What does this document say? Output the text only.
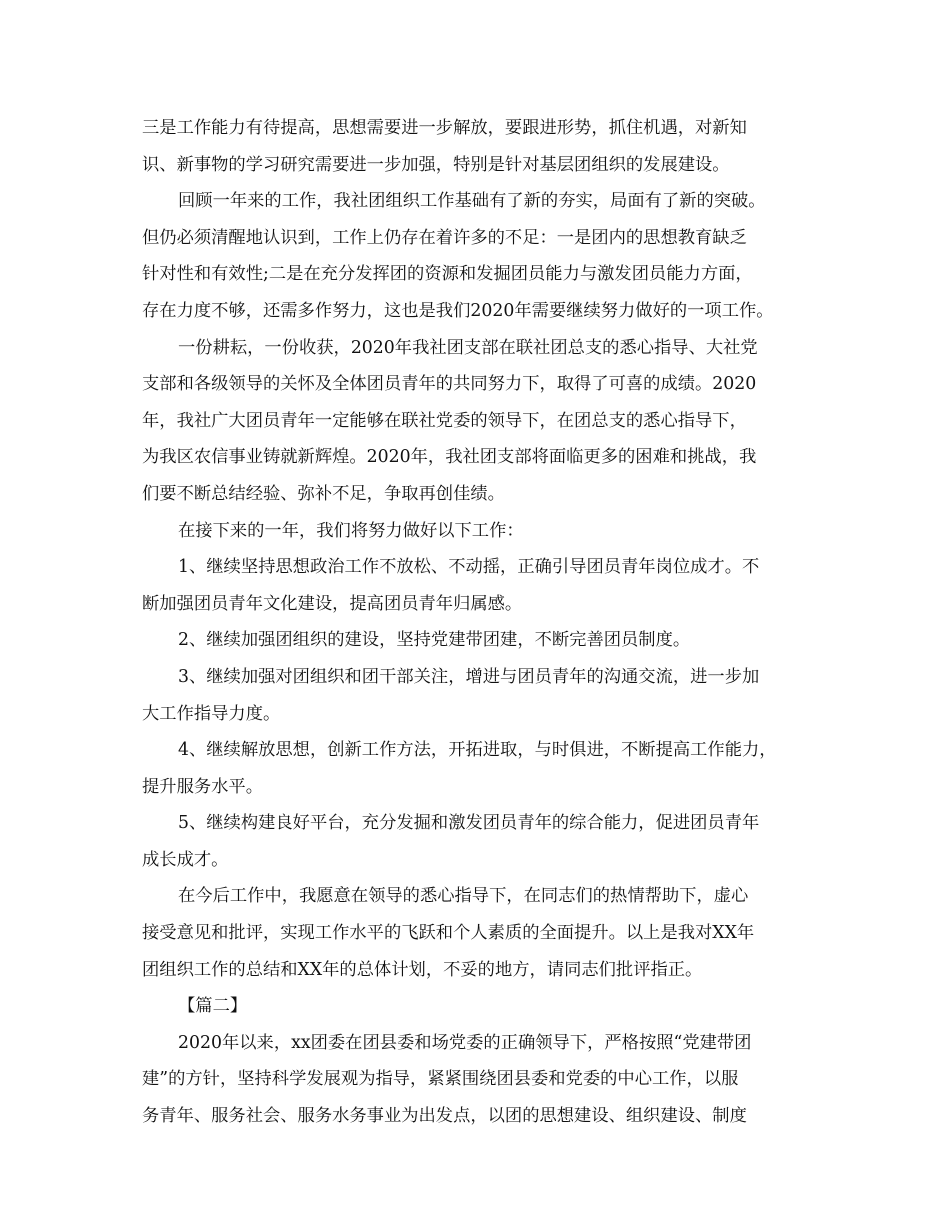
三是工作能力有待提高，思想需要进一步解放，要跟进形势，抓住机遇，对新知
识、新事物的学习研究需要进一步加强，特别是针对基层团组织的发展建设。
回顾一年来的工作，我社团组织工作基础有了新的夯实，局面有了新的突破。
但仍必须清醒地认识到，工作上仍存在着许多的不足：一是团内的思想教育缺乏
针对性和有效性;二是在充分发挥团的资源和发掘团员能力与激发团员能力方面，
存在力度不够，还需多作努力，这也是我们2020年需要继续努力做好的一项工作。
一份耕耘，一份收获，2020年我社团支部在联社团总支的悉心指导、大社党
支部和各级领导的关怀及全体团员青年的共同努力下，取得了可喜的成绩。2020
年，我社广大团员青年一定能够在联社党委的领导下，在团总支的悉心指导下，
为我区农信事业铸就新辉煌。2020年，我社团支部将面临更多的困难和挑战，我
们要不断总结经验、弥补不足，争取再创佳绩。
在接下来的一年，我们将努力做好以下工作：
1、继续坚持思想政治工作不放松、不动摇，正确引导团员青年岗位成才。不
断加强团员青年文化建设，提高团员青年归属感。
2、继续加强团组织的建设，坚持党建带团建，不断完善团员制度。
3、继续加强对团组织和团干部关注，增进与团员青年的沟通交流，进一步加
大工作指导力度。
4、继续解放思想，创新工作方法，开拓进取，与时俱进，不断提高工作能力，
提升服务水平。
5、继续构建良好平台，充分发掘和激发团员青年的综合能力，促进团员青年
成长成才。
在今后工作中，我愿意在领导的悉心指导下，在同志们的热情帮助下，虚心
接受意见和批评，实现工作水平的飞跃和个人素质的全面提升。以上是我对XX年
团组织工作的总结和XX年的总体计划，不妥的地方，请同志们批评指正。
【篇二】
2020年以来，xx团委在团县委和场党委的正确领导下，严格按照“党建带团
建”的方针，坚持科学发展观为指导，紧紧围绕团县委和党委的中心工作，以服
务青年、服务社会、服务水务事业为出发点，以团的思想建设、组织建设、制度
